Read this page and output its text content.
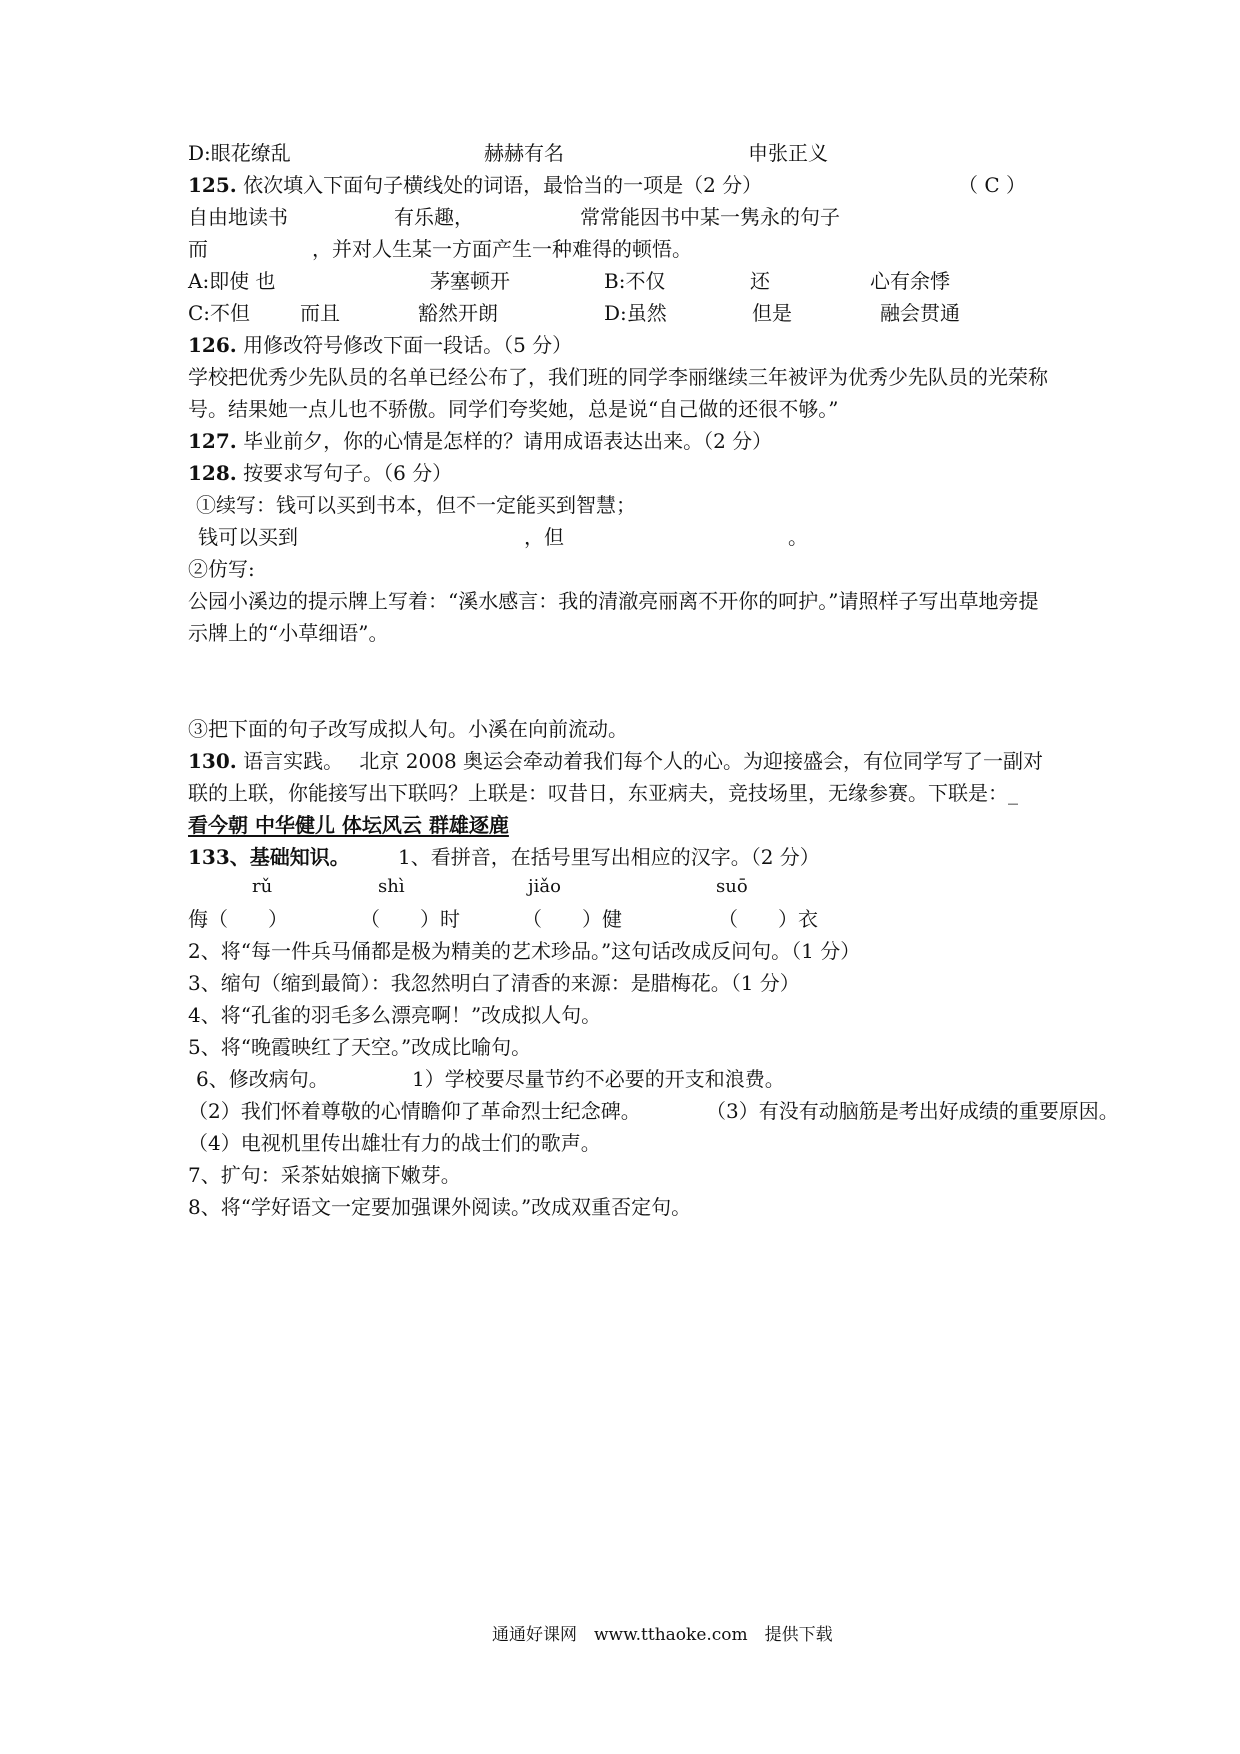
D:眼花缭乱	赫赫有名	申张正义
125. 依次填入下面句子横线处的词语，最恰当的一项是（2 分）	（ C ）
自由地读书	有乐趣，	常常能因书中某一隽永的句子
而	，并对人生某一方面产生一种难得的顿悟。
A:即使 也	茅塞顿开	B:不仅	还	心有余悸
C:不但 而且	豁然开朗	D:虽然	但是	融会贯通
126. 用修改符号修改下面一段话。（5 分）
学校把优秀少先队员的名单已经公布了，我们班的同学李丽继续三年被评为优秀少先队员的光荣称
号。结果她一点儿也不骄傲。同学们夸奖她，总是说“自己做的还很不够。”
127. 毕业前夕，你的心情是怎样的？请用成语表达出来。（2 分）
128. 按要求写句子。（6 分）
①续写：钱可以买到书本，但不一定能买到智慧；
钱可以买到	，但	。
②仿写:
公园小溪边的提示牌上写着：“溪水感言：我的清澈亮丽离不开你的呵护。”请照样子写出草地旁提
示牌上的“小草细语”。
③把下面的句子改写成拟人句。小溪在向前流动。
130. 语言实践。　 北京 2008 奥运会牵动着我们每个人的心。为迎接盛会，有位同学写了一副对
联的上联，你能接写出下联吗？上联是：叹昔日，东亚病夫，竞技场里，无缘参赛。下联是：_
看今朝 中华健儿 体坛风云 群雄逐鹿
133、基础知识。 1、看拼音，在括号里写出相应的汉字。（2 分）
rǔ	shì	jiǎo	suō
侮（　　）	（　　）时	（　　）健	（　　）衣
2、将“每一件兵马俑都是极为精美的艺术珍品。”这句话改成反问句。（1 分）
3、缩句（缩到最简）：我忽然明白了清香的来源：是腊梅花。（1 分）
4、将“孔雀的羽毛多么漂亮啊！”改成拟人句。
5、将“晚霞映红了天空。”改成比喻句。
6、修改病句。	1）学校要尽量节约不必要的开支和浪费。
（2）我们怀着尊敬的心情瞻仰了革命烈士纪念碑。	（3）有没有动脑筋是考出好成绩的重要原因。
（4）电视机里传出雄壮有力的战士们的歌声。
7、扩句：采茶姑娘摘下嫩芽。
8、将“学好语文一定要加强课外阅读。”改成双重否定句。
通通好课网　www.tthaoke.com　提供下载
